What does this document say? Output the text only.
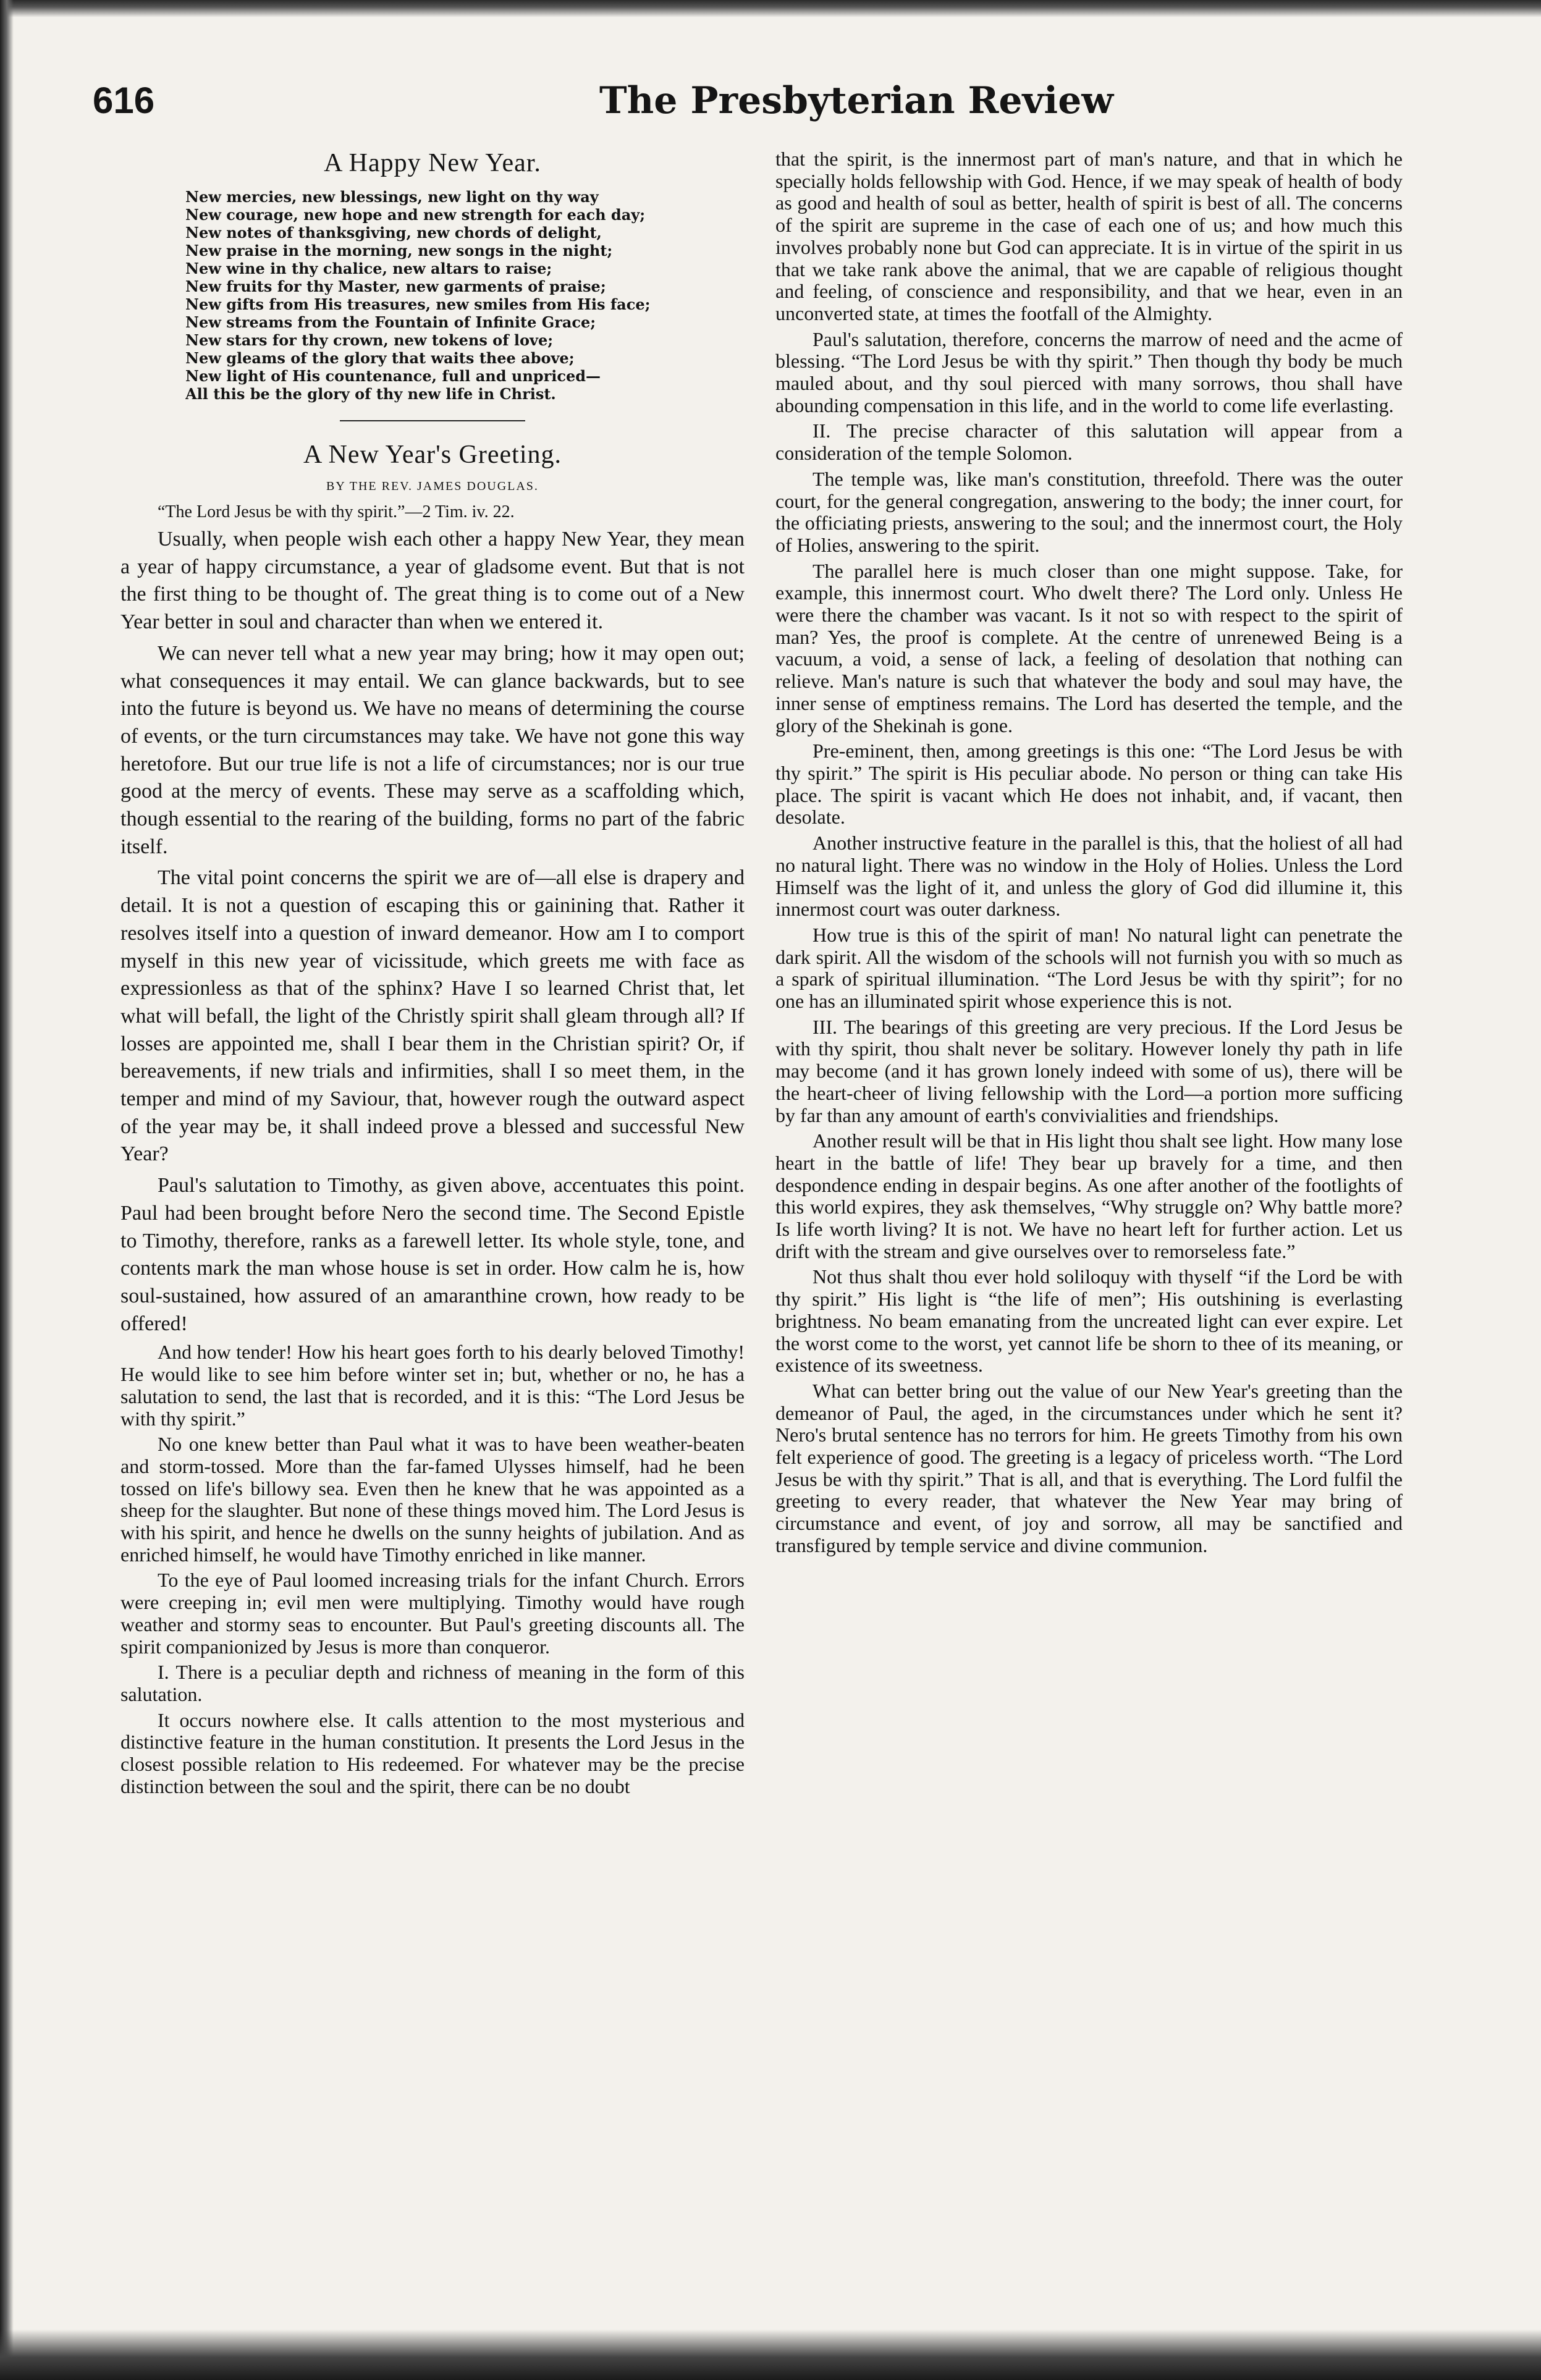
616	The Presbyterian Review
A Happy New Year.
New mercies, new blessings, new light on thy way
New courage, new hope and new strength for each day;
New notes of thanksgiving, new chords of delight,
New praise in the morning, new songs in the night;
New wine in thy chalice, new altars to raise;
New fruits for thy Master, new garments of praise;
New gifts from His treasures, new smiles from His face;
New streams from the Fountain of Infinite Grace;
New stars for thy crown, new tokens of love;
New gleams of the glory that waits thee above;
New light of His countenance, full and unpriced—
All this be the glory of thy new life in Christ.
A New Year's Greeting.
BY THE REV. JAMES DOUGLAS.
“The Lord Jesus be with thy spirit.”—2 Tim. iv. 22.

Usually, when people wish each other a happy New Year, they mean a year of happy circumstance, a year of gladsome event. But that is not the first thing to be thought of. The great thing is to come out of a New Year better in soul and character than when we entered it.

We can never tell what a new year may bring; how it may open out; what consequences it may entail. We can glance backwards, but to see into the future is beyond us. We have no means of determining the course of events, or the turn circumstances may take. We have not gone this way heretofore. But our true life is not a life of circumstances; nor is our true good at the mercy of events. These may serve as a scaffolding which, though essential to the rearing of the building, forms no part of the fabric itself.

The vital point concerns the spirit we are of—all else is drapery and detail. It is not a question of escaping this or gainining that. Rather it resolves itself into a question of inward demeanor. How am I to comport myself in this new year of vicissitude, which greets me with face as expressionless as that of the sphinx? Have I so learned Christ that, let what will befall, the light of the Christly spirit shall gleam through all? If losses are appointed me, shall I bear them in the Christian spirit? Or, if bereavements, if new trials and infirmities, shall I so meet them, in the temper and mind of my Saviour, that, however rough the outward aspect of the year may be, it shall indeed prove a blessed and successful New Year?

Paul's salutation to Timothy, as given above, accentuates this point. Paul had been brought before Nero the second time. The Second Epistle to Timothy, therefore, ranks as a farewell letter. Its whole style, tone, and contents mark the man whose house is set in order. How calm he is, how soul-sustained, how assured of an amaranthine crown, how ready to be offered!

And how tender! How his heart goes forth to his dearly beloved Timothy! He would like to see him before winter set in; but, whether or no, he has a salutation to send, the last that is recorded, and it is this: “The Lord Jesus be with thy spirit.”

No one knew better than Paul what it was to have been weather-beaten and storm-tossed. More than the far-famed Ulysses himself, had he been tossed on life's billowy sea. Even then he knew that he was appointed as a sheep for the slaughter. But none of these things moved him. The Lord Jesus is with his spirit, and hence he dwells on the sunny heights of jubilation. And as enriched himself, he would have Timothy enriched in like manner.

To the eye of Paul loomed increasing trials for the infant Church. Errors were creeping in; evil men were multiplying. Timothy would have rough weather and stormy seas to encounter. But Paul's greeting discounts all. The spirit companionized by Jesus is more than conqueror.

I. There is a peculiar depth and richness of meaning in the form of this salutation.

It occurs nowhere else. It calls attention to the most mysterious and distinctive feature in the human constitution. It presents the Lord Jesus in the closest possible relation to His redeemed. For whatever may be the precise distinction between the soul and the spirit, there can be no doubt

that the spirit, is the innermost part of man's nature, and that in which he specially holds fellowship with God. Hence, if we may speak of health of body as good and health of soul as better, health of spirit is best of all. The concerns of the spirit are supreme in the case of each one of us; and how much this involves probably none but God can appreciate. It is in virtue of the spirit in us that we take rank above the animal, that we are capable of religious thought and feeling, of conscience and responsibility, and that we hear, even in an unconverted state, at times the footfall of the Almighty.

Paul's salutation, therefore, concerns the marrow of need and the acme of blessing. “The Lord Jesus be with thy spirit.” Then though thy body be much mauled about, and thy soul pierced with many sorrows, thou shall have abounding compensation in this life, and in the world to come life everlasting.

II. The precise character of this salutation will appear from a consideration of the temple Solomon.

The temple was, like man's constitution, threefold. There was the outer court, for the general congregation, answering to the body; the inner court, for the officiating priests, answering to the soul; and the innermost court, the Holy of Holies, answering to the spirit.

The parallel here is much closer than one might suppose. Take, for example, this innermost court. Who dwelt there? The Lord only. Unless He were there the chamber was vacant. Is it not so with respect to the spirit of man? Yes, the proof is complete. At the centre of unrenewed Being is a vacuum, a void, a sense of lack, a feeling of desolation that nothing can relieve. Man's nature is such that whatever the body and soul may have, the inner sense of emptiness remains. The Lord has deserted the temple, and the glory of the Shekinah is gone.

Pre-eminent, then, among greetings is this one: “The Lord Jesus be with thy spirit.” The spirit is His peculiar abode. No person or thing can take His place. The spirit is vacant which He does not inhabit, and, if vacant, then desolate.

Another instructive feature in the parallel is this, that the holiest of all had no natural light. There was no window in the Holy of Holies. Unless the Lord Himself was the light of it, and unless the glory of God did illumine it, this innermost court was outer darkness.

How true is this of the spirit of man! No natural light can penetrate the dark spirit. All the wisdom of the schools will not furnish you with so much as a spark of spiritual illumination. “The Lord Jesus be with thy spirit”; for no one has an illuminated spirit whose experience this is not.

III. The bearings of this greeting are very precious. If the Lord Jesus be with thy spirit, thou shalt never be solitary. However lonely thy path in life may become (and it has grown lonely indeed with some of us), there will be the heart-cheer of living fellowship with the Lord—a portion more sufficing by far than any amount of earth's convivialities and friendships.

Another result will be that in His light thou shalt see light. How many lose heart in the battle of life! They bear up bravely for a time, and then despondence ending in despair begins. As one after another of the footlights of this world expires, they ask themselves, “Why struggle on? Why battle more? Is life worth living? It is not. We have no heart left for further action. Let us drift with the stream and give ourselves over to remorseless fate.”

Not thus shalt thou ever hold soliloquy with thyself “if the Lord be with thy spirit.” His light is “the life of men”; His outshining is everlasting brightness. No beam emanating from the uncreated light can ever expire. Let the worst come to the worst, yet cannot life be shorn to thee of its meaning, or existence of its sweetness.

What can better bring out the value of our New Year's greeting than the demeanor of Paul, the aged, in the circumstances under which he sent it? Nero's brutal sentence has no terrors for him. He greets Timothy from his own felt experience of good. The greeting is a legacy of priceless worth. “The Lord Jesus be with thy spirit.” That is all, and that is everything. The Lord fulfil the greeting to every reader, that whatever the New Year may bring of circumstance and event, of joy and sorrow, all may be sanctified and transfigured by temple service and divine communion.
